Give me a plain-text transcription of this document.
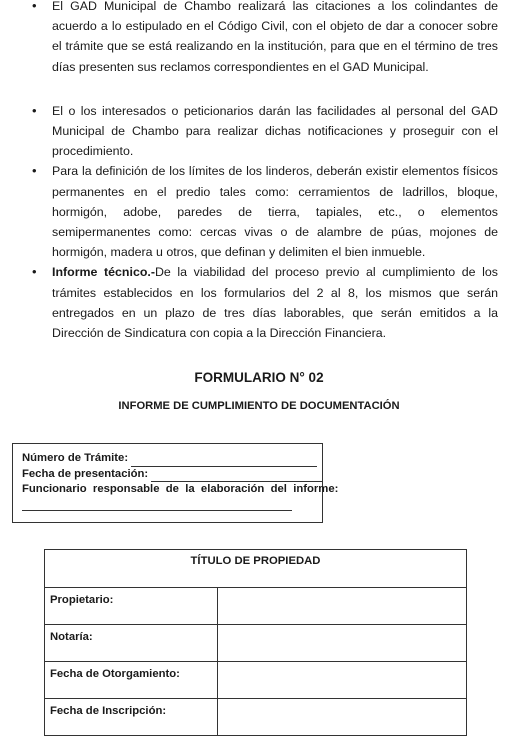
• El GAD Municipal de Chambo realizará las citaciones a los colindantes de acuerdo a lo estipulado en el Código Civil, con el objeto de dar a conocer sobre el trámite que se está realizando en la institución, para que en el término de tres días presenten sus reclamos correspondientes en el GAD Municipal.
• El o los interesados o peticionarios darán las facilidades al personal del GAD Municipal de Chambo para realizar dichas notificaciones y proseguir con el procedimiento.
• Para la definición de los límites de los linderos, deberán existir elementos físicos permanentes en el predio tales como: cerramientos de ladrillos, bloque, hormigón, adobe, paredes de tierra, tapiales, etc., o elementos semipermanentes como: cercas vivas o de alambre de púas, mojones de hormigón, madera u otros, que definan y delimiten el bien inmueble.
• Informe técnico.-De la viabilidad del proceso previo al cumplimiento de los trámites establecidos en los formularios del 2 al 8, los mismos que serán entregados en un plazo de tres días laborables, que serán emitidos a la Dirección de Sindicatura con copia a la Dirección Financiera.
FORMULARIO N° 02
INFORME DE CUMPLIMIENTO DE DOCUMENTACIÓN
Número de Trámite:
Fecha de presentación:
Funcionario  responsable  de  la  elaboración  del  informe:
TÍTULO DE PROPIEDAD	
Propietario:	
Notaría:	
Fecha de Otorgamiento:	
Fecha de Inscripción:	
